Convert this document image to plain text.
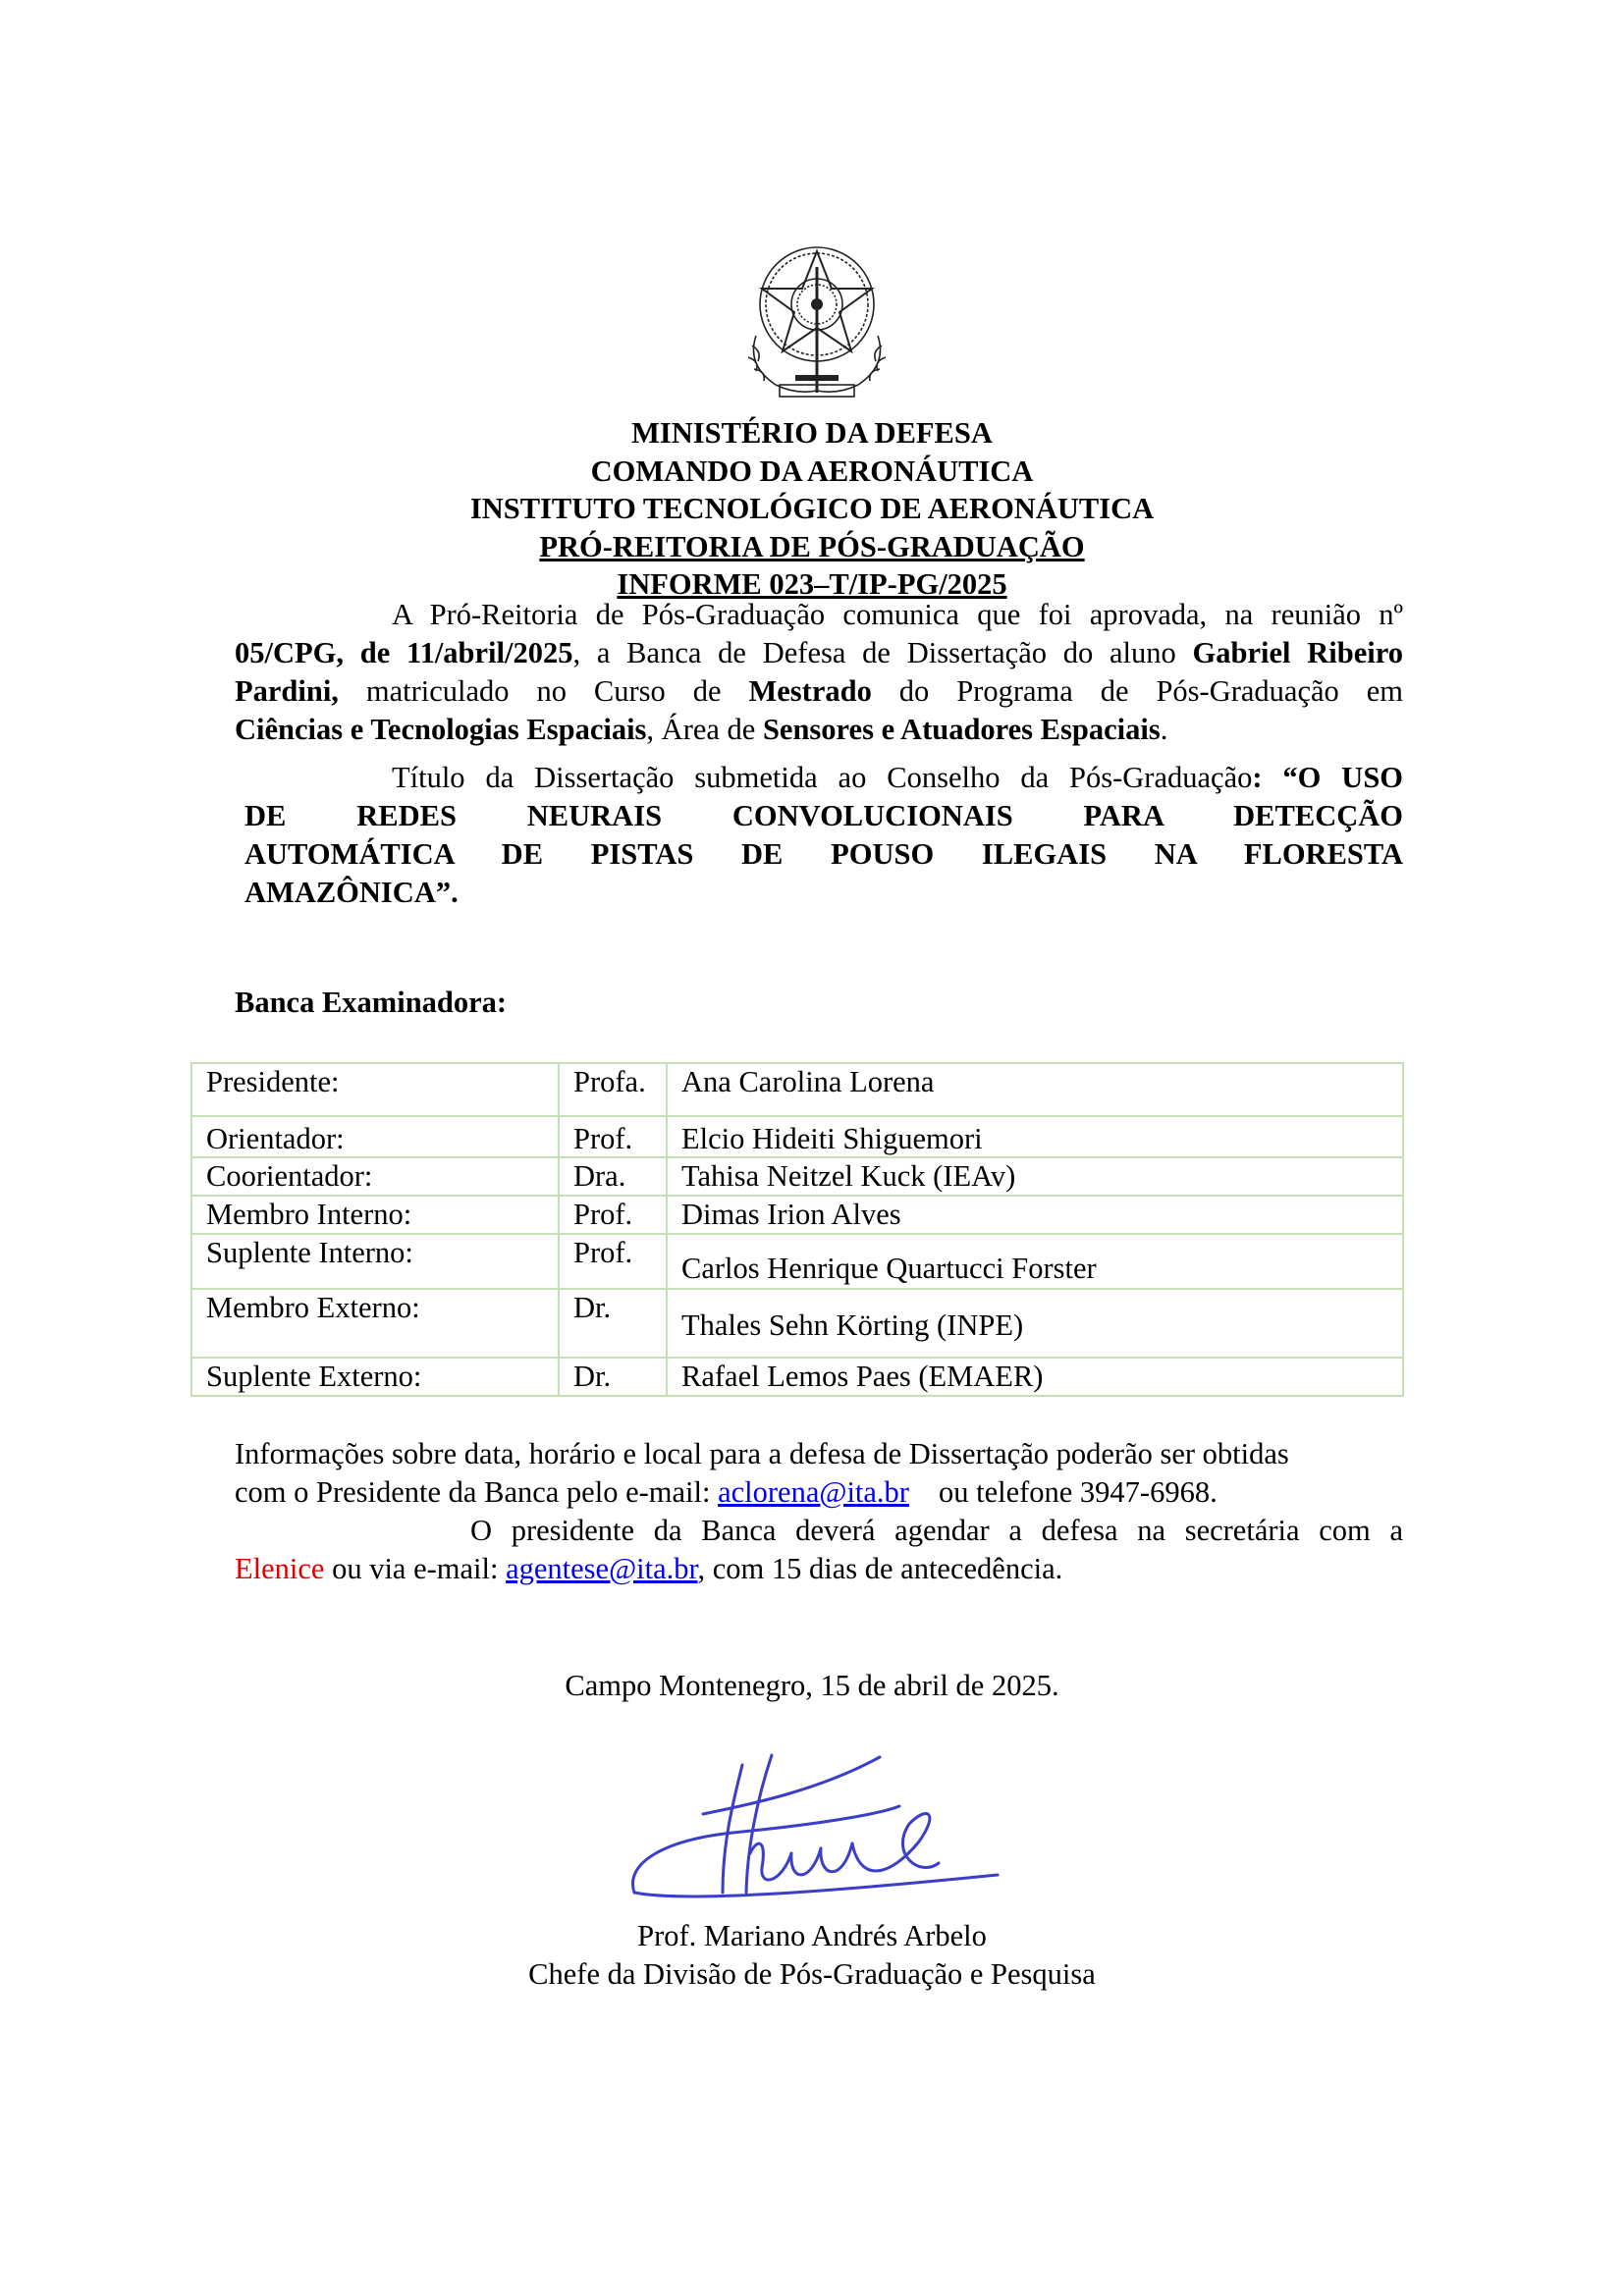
MINISTÉRIO DA DEFESA
COMANDO DA AERONÁUTICA
INSTITUTO TECNOLÓGICO DE AERONÁUTICA
PRÓ-REITORIA DE PÓS-GRADUAÇÃO
INFORME 023–T/IP-PG/2025
A Pró-Reitoria de Pós-Graduação comunica que foi aprovada, na reunião nº
05/CPG, de 11/abril/2025, a Banca de Defesa de Dissertação do aluno Gabriel Ribeiro
Pardini, matriculado no Curso de Mestrado do Programa de Pós-Graduação em
Ciências e Tecnologias Espaciais, Área de Sensores e Atuadores Espaciais.
Título da Dissertação submetida ao Conselho da Pós-Graduação: “O USO
DE REDES NEURAIS CONVOLUCIONAIS PARA DETECÇÃO
AUTOMÁTICA DE PISTAS DE POUSO ILEGAIS NA FLORESTA
AMAZÔNICA”.
Banca Examinadora:
Presidente:	Profa.	Ana Carolina Lorena
Orientador:	Prof.	Elcio Hideiti Shiguemori
Coorientador:	Dra.	Tahisa Neitzel Kuck (IEAv)
Membro Interno:	Prof.	Dimas Irion Alves
Suplente Interno:	Prof.	Carlos Henrique Quartucci Forster
Membro Externo:	Dr.	Thales Sehn Körting (INPE)
Suplente Externo:	Dr.	Rafael Lemos Paes (EMAER)
Informações sobre data, horário e local para a defesa de Dissertação poderão ser obtidas
com o Presidente da Banca pelo e-mail: aclorena@ita.br ou telefone 3947-6968.
O presidente da Banca deverá agendar a defesa na secretária com a
Elenice ou via e-mail: agentese@ita.br, com 15 dias de antecedência.
Campo Montenegro, 15 de abril de 2025.
Prof. Mariano Andrés Arbelo
Chefe da Divisão de Pós-Graduação e Pesquisa
